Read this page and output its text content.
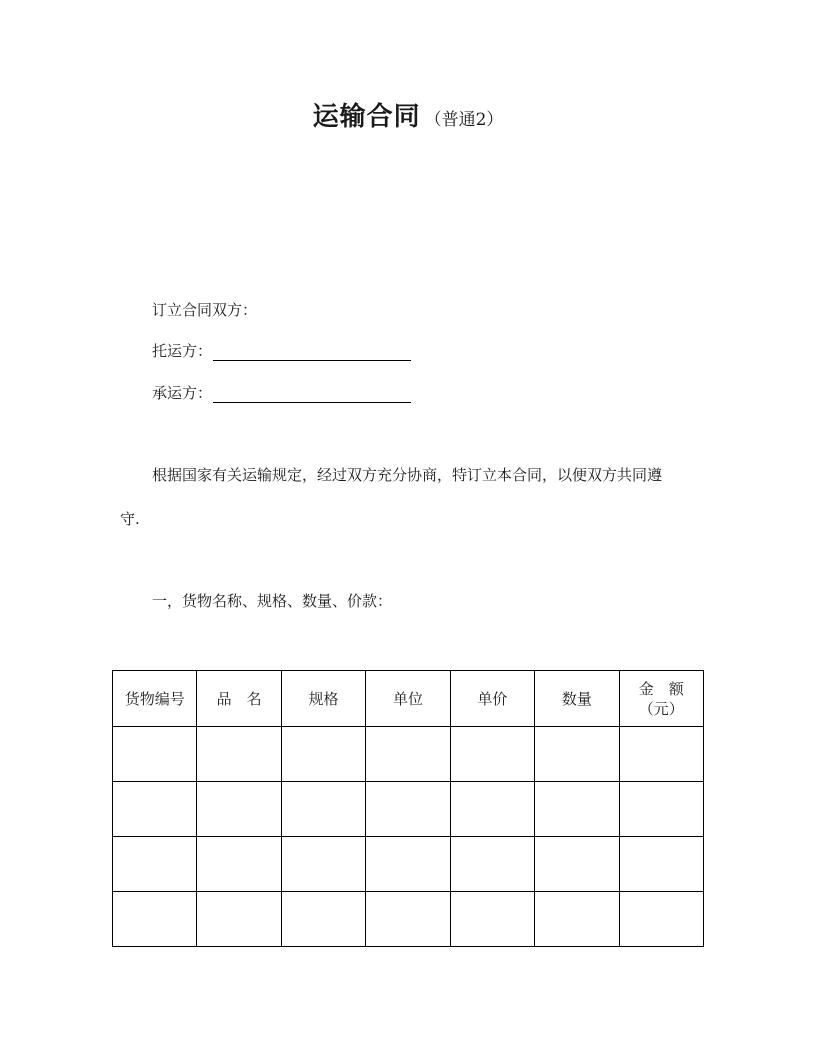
运输合同 （普通2）
订立合同双方：
托运方：
承运方：
根据国家有关运输规定，经过双方充分协商，特订立本合同，以便双方共同遵
守.
一，货物名称、规格、数量、价款：
货物编号	品　名	规格	单位	单价	数量	金　额
（元）
